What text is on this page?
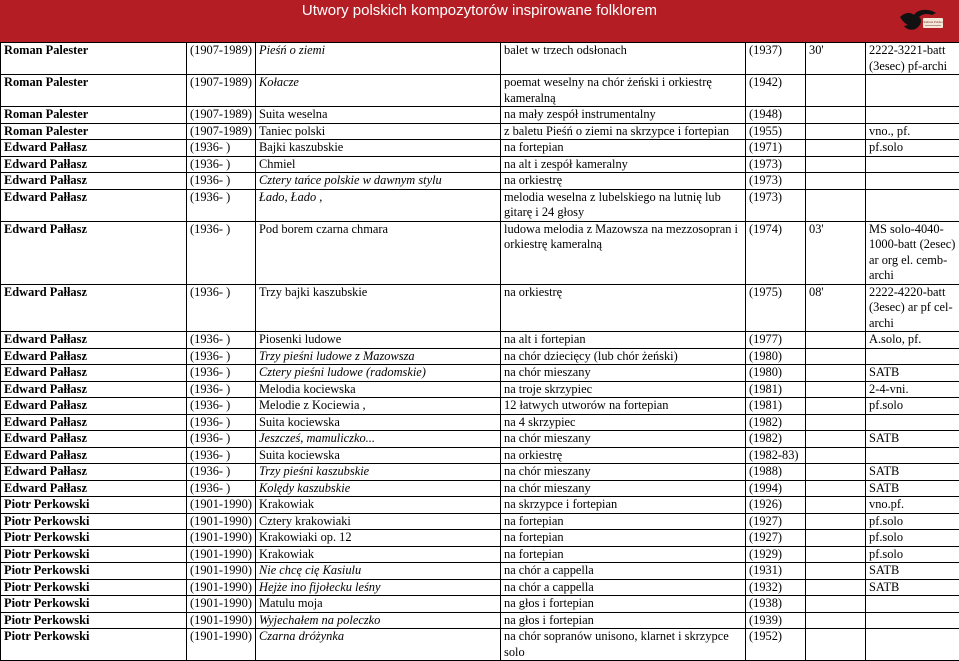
Utwory polskich kompozytorów inspirowane folklorem
Kultura Polska
Roman Palester	(1907-1989)	Pieśń o ziemi	balet w trzech odsłonach	(1937)	30'	2222-3221-batt (3esec) pf-archi
Roman Palester	(1907-1989)	Kołacze	poemat weselny na chór żeński i orkiestrę kameralną	(1942)		
Roman Palester	(1907-1989)	Suita weselna	na mały zespół instrumentalny	(1948)		
Roman Palester	(1907-1989)	Taniec polski	z baletu Pieśń o ziemi na skrzypce i fortepian	(1955)		vno., pf.
Edward Pałłasz	(1936- )	Bajki kaszubskie	na fortepian	(1971)		pf.solo
Edward Pałłasz	(1936- )	Chmiel	na alt i zespół kameralny	(1973)		
Edward Pałłasz	(1936- )	Cztery tańce polskie w dawnym stylu	na orkiestrę	(1973)		
Edward Pałłasz	(1936- )	Łado, Łado ,	melodia weselna z lubelskiego na lutnię lub gitarę i 24 głosy	(1973)		
Edward Pałłasz	(1936- )	Pod borem czarna chmara	ludowa melodia z Mazowsza na mezzosopran i orkiestrę kameralną	(1974)	03'	MS solo-4040-1000-batt (2esec) ar org el. cemb-archi
Edward Pałłasz	(1936- )	Trzy bajki kaszubskie	na orkiestrę	(1975)	08'	2222-4220-batt (3esec) ar pf cel-archi
Edward Pałłasz	(1936- )	Piosenki ludowe	na alt i fortepian	(1977)		A.solo, pf.
Edward Pałłasz	(1936- )	Trzy pieśni ludowe z Mazowsza	na chór dziecięcy (lub chór żeński)	(1980)		
Edward Pałłasz	(1936- )	Cztery pieśni ludowe (radomskie)	na chór mieszany	(1980)		SATB
Edward Pałłasz	(1936- )	Melodia kociewska	na troje skrzypiec	(1981)		2-4-vni.
Edward Pałłasz	(1936- )	Melodie z Kociewia ,	12 łatwych utworów na fortepian	(1981)		pf.solo
Edward Pałłasz	(1936- )	Suita kociewska	na 4 skrzypiec	(1982)		
Edward Pałłasz	(1936- )	Jeszcześ, mamuliczko...	na chór mieszany	(1982)		SATB
Edward Pałłasz	(1936- )	Suita kociewska	na orkiestrę	(1982-83)		
Edward Pałłasz	(1936- )	Trzy pieśni kaszubskie	na chór mieszany	(1988)		SATB
Edward Pałłasz	(1936- )	Kolędy kaszubskie	na chór mieszany	(1994)		SATB
Piotr Perkowski	(1901-1990)	Krakowiak	na skrzypce i fortepian	(1926)		vno.pf.
Piotr Perkowski	(1901-1990)	Cztery krakowiaki	na fortepian	(1927)		pf.solo
Piotr Perkowski	(1901-1990)	Krakowiaki op. 12	na fortepian	(1927)		pf.solo
Piotr Perkowski	(1901-1990)	Krakowiak	na fortepian	(1929)		pf.solo
Piotr Perkowski	(1901-1990)	Nie chcę cię Kasiulu	na chór a cappella	(1931)		SATB
Piotr Perkowski	(1901-1990)	Hejże ino fijołecku leśny	na chór a cappella	(1932)		SATB
Piotr Perkowski	(1901-1990)	Matulu moja	na głos i fortepian	(1938)		
Piotr Perkowski	(1901-1990)	Wyjechałem na poleczko	na głos i fortepian	(1939)		
Piotr Perkowski	(1901-1990)	Czarna dróżynka	na chór sopranów unisono, klarnet i skrzypce solo	(1952)		
